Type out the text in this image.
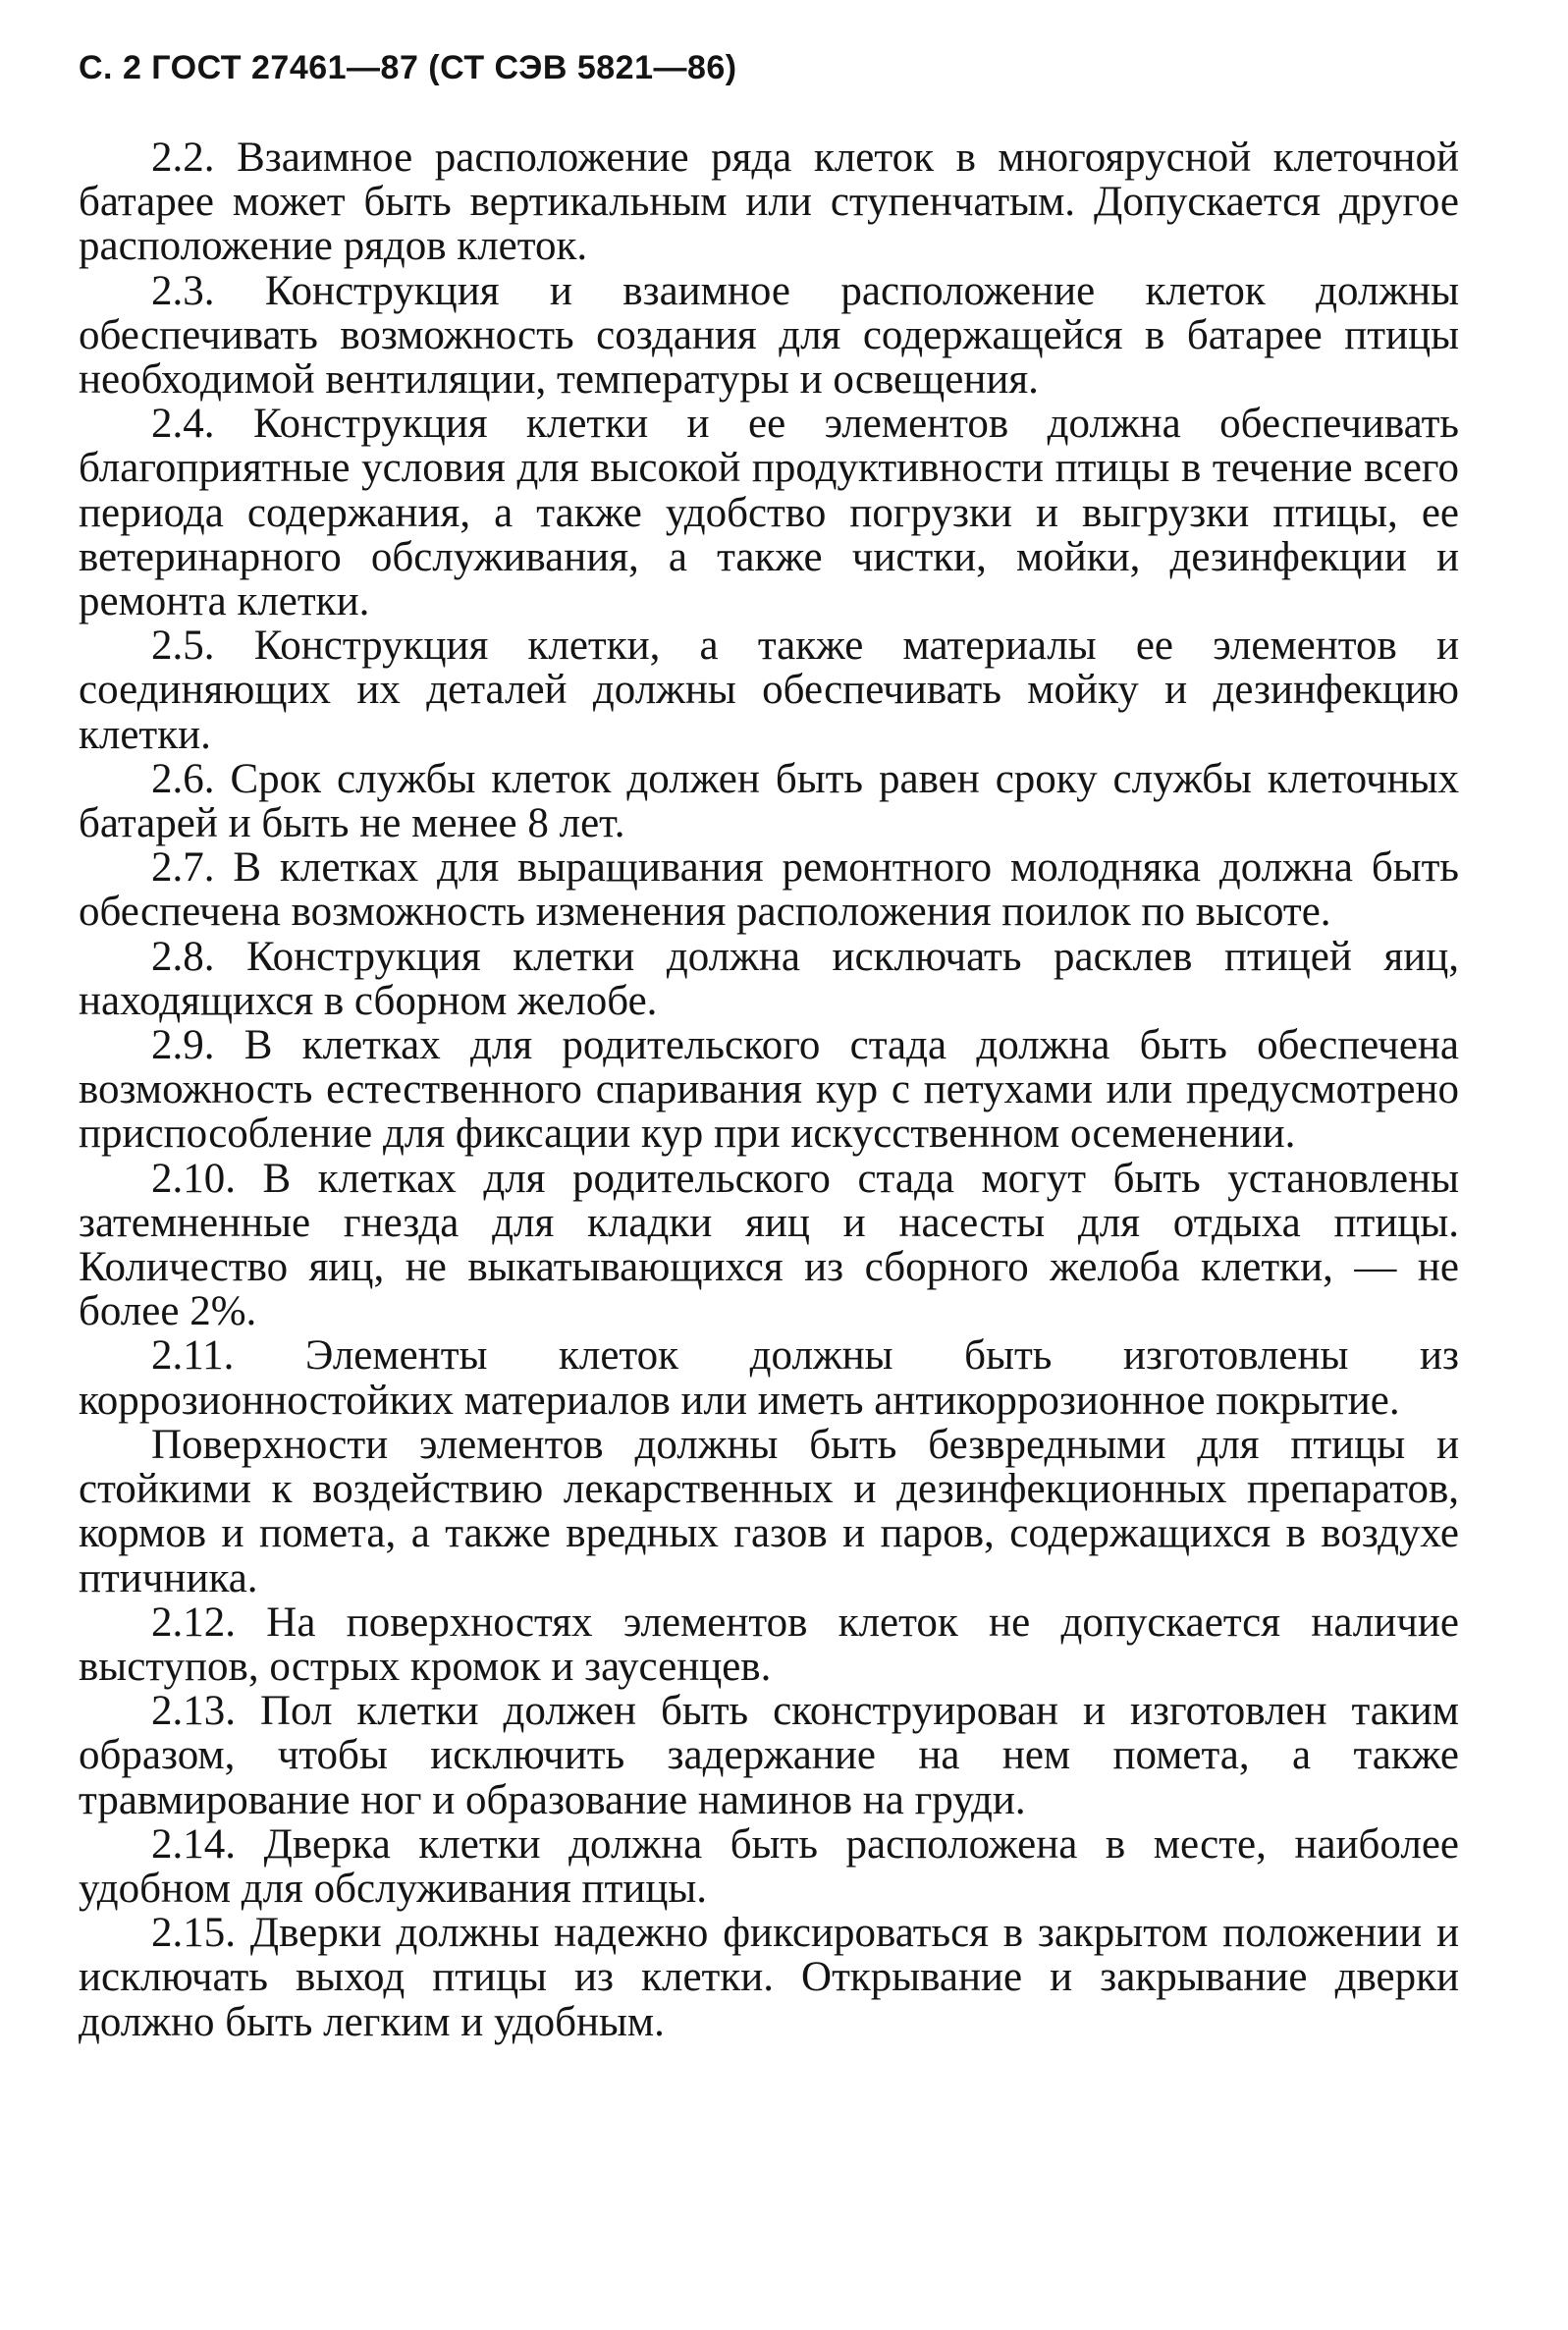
С. 2 ГОСТ 27461—87 (СТ СЭВ 5821—86)

2.2. Взаимное расположение ряда клеток в многоярусной клеточной батарее может быть вертикальным или ступенчатым. Допускается другое расположение рядов клеток.

2.3. Конструкция и взаимное расположение клеток должны обеспечивать возможность создания для содержащейся в батарее птицы необходимой вентиляции, температуры и освещения.

2.4. Конструкция клетки и ее элементов должна обеспечивать благоприятные условия для высокой продуктивности птицы в течение всего периода содержания, а также удобство погрузки и выгрузки птицы, ее ветеринарного обслуживания, а также чистки, мойки, дезинфекции и ремонта клетки.

2.5. Конструкция клетки, а также материалы ее элементов и соединяющих их деталей должны обеспечивать мойку и дезинфекцию клетки.

2.6. Срок службы клеток должен быть равен сроку службы клеточных батарей и быть не менее 8 лет.

2.7. В клетках для выращивания ремонтного молодняка должна быть обеспечена возможность изменения расположения поилок по высоте.

2.8. Конструкция клетки должна исключать расклев птицей яиц, находящихся в сборном желобе.

2.9. В клетках для родительского стада должна быть обеспечена возможность естественного спаривания кур с петухами или предусмотрено приспособление для фиксации кур при искусственном осеменении.

2.10. В клетках для родительского стада могут быть установлены затемненные гнезда для кладки яиц и насесты для отдыха птицы. Количество яиц, не выкатывающихся из сборного желоба клетки, — не более 2%.

2.11. Элементы клеток должны быть изготовлены из коррозионностойких материалов или иметь антикоррозионное покрытие.

Поверхности элементов должны быть безвредными для птицы и стойкими к воздействию лекарственных и дезинфекционных препаратов, кормов и помета, а также вредных газов и паров, содержащихся в воздухе птичника.

2.12. На поверхностях элементов клеток не допускается наличие выступов, острых кромок и заусенцев.

2.13. Пол клетки должен быть сконструирован и изготовлен таким образом, чтобы исключить задержание на нем помета, а также травмирование ног и образование наминов на груди.

2.14. Дверка клетки должна быть расположена в месте, наиболее удобном для обслуживания птицы.

2.15. Дверки должны надежно фиксироваться в закрытом положении и исключать выход птицы из клетки. Открывание и закрывание дверки должно быть легким и удобным.
